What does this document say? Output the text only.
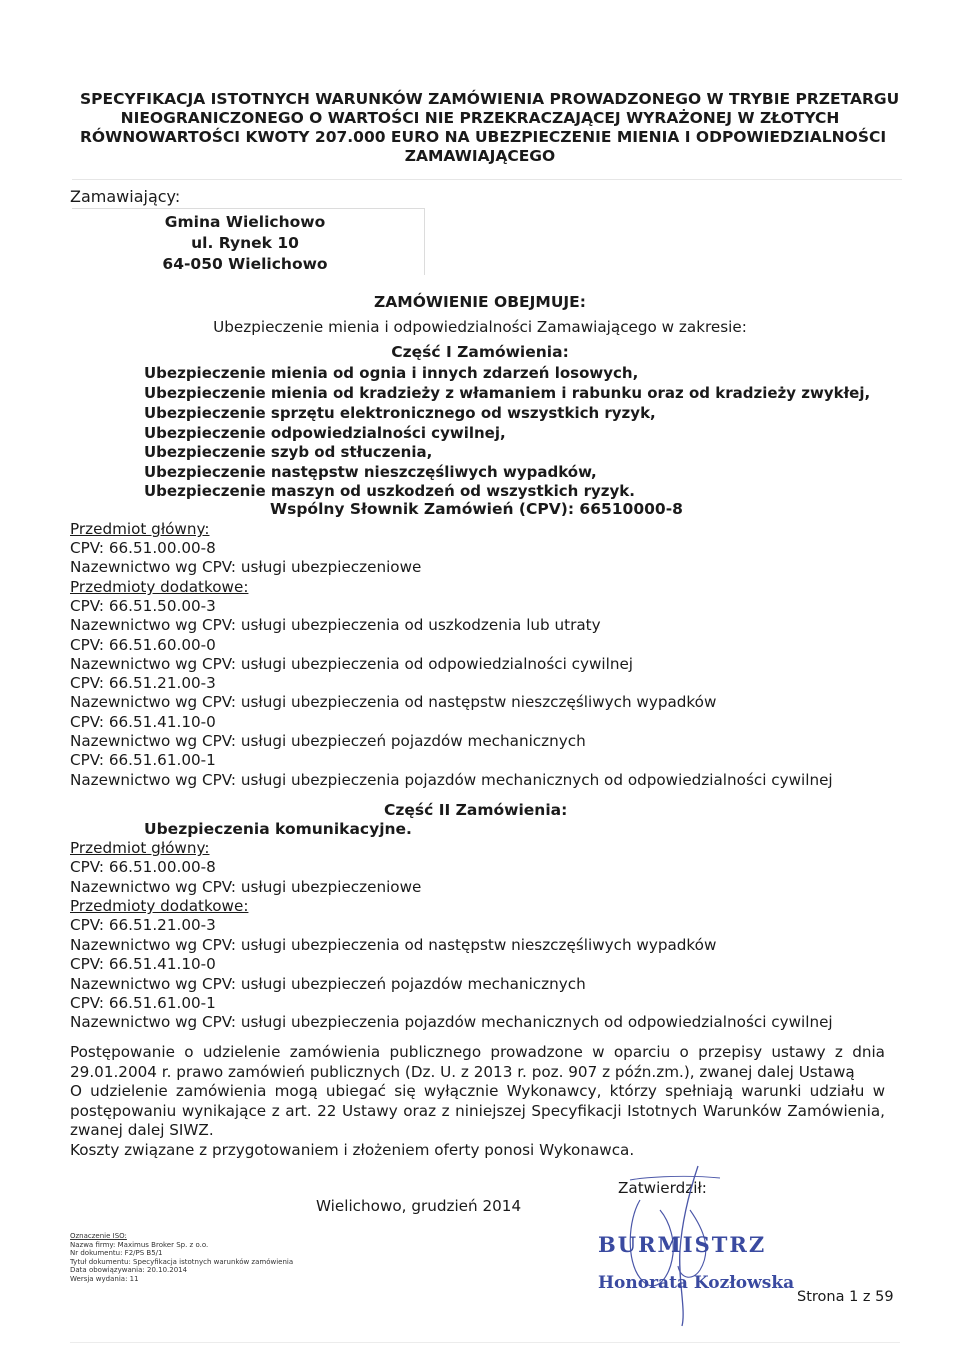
SPECYFIKACJA ISTOTNYCH WARUNKÓW ZAMÓWIENIA PROWADZONEGO W TRYBIE PRZETARGU
NIEOGRANICZONEGO O WARTOŚCI NIE PRZEKRACZAJĄCEJ WYRAŻONEJ W ZŁOTYCH
RÓWNOWARTOŚCI KWOTY 207.000 EURO NA UBEZPIECZENIE MIENIA I ODPOWIEDZIALNOŚCI
ZAMAWIAJĄCEGO
Zamawiający:
Gmina Wielichowo
ul. Rynek 10
64-050 Wielichowo
ZAMÓWIENIE OBEJMUJE:
Ubezpieczenie mienia i odpowiedzialności Zamawiającego w zakresie:
Część I Zamówienia:
Ubezpieczenie mienia od ognia i innych zdarzeń losowych,
Ubezpieczenie mienia od kradzieży z włamaniem i rabunku oraz od kradzieży zwykłej,
Ubezpieczenie sprzętu elektronicznego od wszystkich ryzyk,
Ubezpieczenie odpowiedzialności cywilnej,
Ubezpieczenie szyb od stłuczenia,
Ubezpieczenie następstw nieszczęśliwych wypadków,
Ubezpieczenie maszyn od uszkodzeń od wszystkich ryzyk.
Wspólny Słownik Zamówień (CPV): 66510000-8
Przedmiot główny:
CPV: 66.51.00.00-8
Nazewnictwo wg CPV: usługi ubezpieczeniowe
Przedmioty dodatkowe:
CPV: 66.51.50.00-3
Nazewnictwo wg CPV: usługi ubezpieczenia od uszkodzenia lub utraty
CPV: 66.51.60.00-0
Nazewnictwo wg CPV: usługi ubezpieczenia od odpowiedzialności cywilnej
CPV: 66.51.21.00-3
Nazewnictwo wg CPV: usługi ubezpieczenia od następstw nieszczęśliwych wypadków
CPV: 66.51.41.10-0
Nazewnictwo wg CPV: usługi ubezpieczeń pojazdów mechanicznych
CPV: 66.51.61.00-1
Nazewnictwo wg CPV: usługi ubezpieczenia pojazdów mechanicznych od odpowiedzialności cywilnej
Część II Zamówienia:
Ubezpieczenia komunikacyjne.
Przedmiot główny:
CPV: 66.51.00.00-8
Nazewnictwo wg CPV: usługi ubezpieczeniowe
Przedmioty dodatkowe:
CPV: 66.51.21.00-3
Nazewnictwo wg CPV: usługi ubezpieczenia od następstw nieszczęśliwych wypadków
CPV: 66.51.41.10-0
Nazewnictwo wg CPV: usługi ubezpieczeń pojazdów mechanicznych
CPV: 66.51.61.00-1
Nazewnictwo wg CPV: usługi ubezpieczenia pojazdów mechanicznych od odpowiedzialności cywilnej
Postępowanie o udzielenie zamówienia publicznego prowadzone w oparciu o przepisy ustawy z dnia 29.01.2004 r. prawo zamówień publicznych (Dz. U. z 2013 r. poz. 907 z późn.zm.), zwanej dalej Ustawą
O udzielenie zamówienia mogą ubiegać się wyłącznie Wykonawcy, którzy spełniają warunki udziału w postępowaniu wynikające z art. 22 Ustawy oraz z niniejszej Specyfikacji Istotnych Warunków Zamówienia, zwanej dalej SIWZ.
Koszty związane z przygotowaniem i złożeniem oferty ponosi Wykonawca.
Wielichowo, grudzień 2014
Zatwierdził:
Oznaczenie ISO:
Nazwa firmy: Maximus Broker Sp. z o.o.
Nr dokumentu: F2/PS B5/1
Tytuł dokumentu: Specyfikacja istotnych warunków zamówienia
Data obowiązywania: 20.10.2014
Wersja wydania: 11
BURMISTRZ
Honorata Kozłowska
Strona 1 z 59
